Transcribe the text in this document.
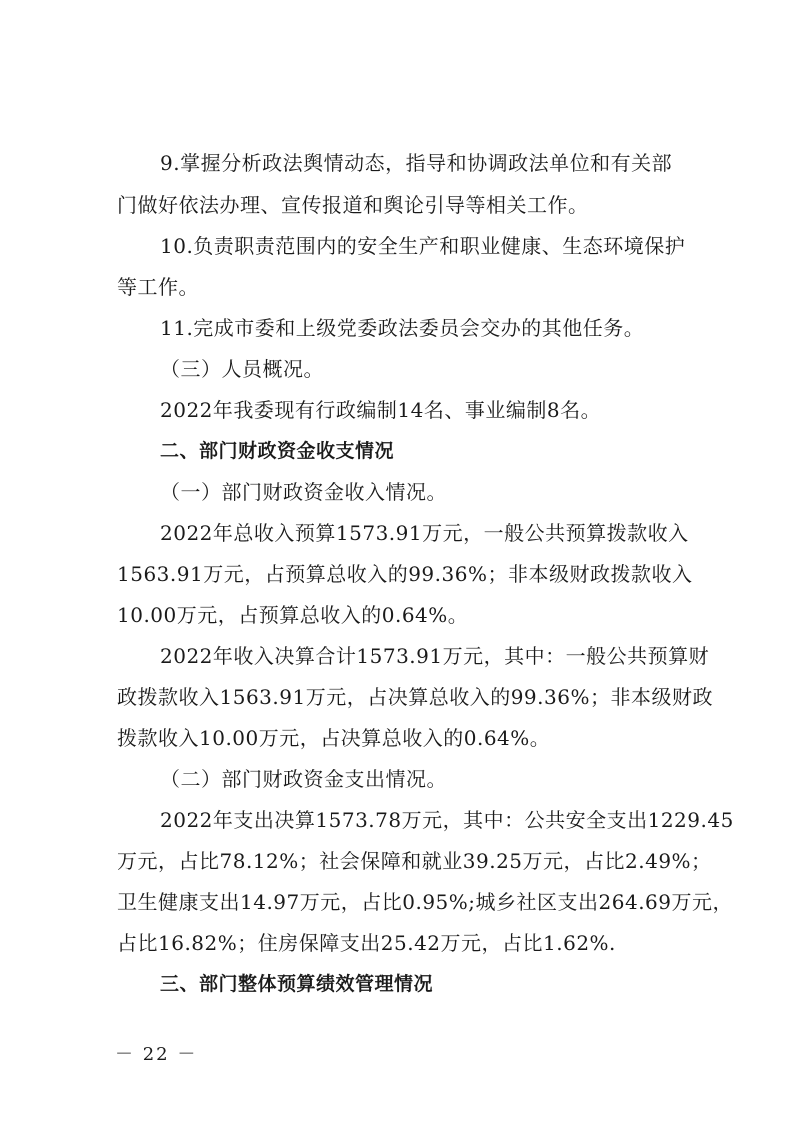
9.掌握分析政法舆情动态，指导和协调政法单位和有关部
门做好依法办理、宣传报道和舆论引导等相关工作。
10.负责职责范围内的安全生产和职业健康、生态环境保护
等工作。
11.完成市委和上级党委政法委员会交办的其他任务。
（三）人员概况。
2022年我委现有行政编制14名、事业编制8名。
二、部门财政资金收支情况
（一）部门财政资金收入情况。
2022年总收入预算1573.91万元，一般公共预算拨款收入
1563.91万元，占预算总收入的99.36%；非本级财政拨款收入
10.00万元，占预算总收入的0.64%。
2022年收入决算合计1573.91万元，其中：一般公共预算财
政拨款收入1563.91万元，占决算总收入的99.36%；非本级财政
拨款收入10.00万元，占决算总收入的0.64%。
（二）部门财政资金支出情况。
2022年支出决算1573.78万元，其中：公共安全支出1229.45
万元，占比78.12%；社会保障和就业39.25万元，占比2.49%；
卫生健康支出14.97万元，占比0.95%;城乡社区支出264.69万元，
占比16.82%；住房保障支出25.42万元，占比1.62%.
三、部门整体预算绩效管理情况
－ 22 －
